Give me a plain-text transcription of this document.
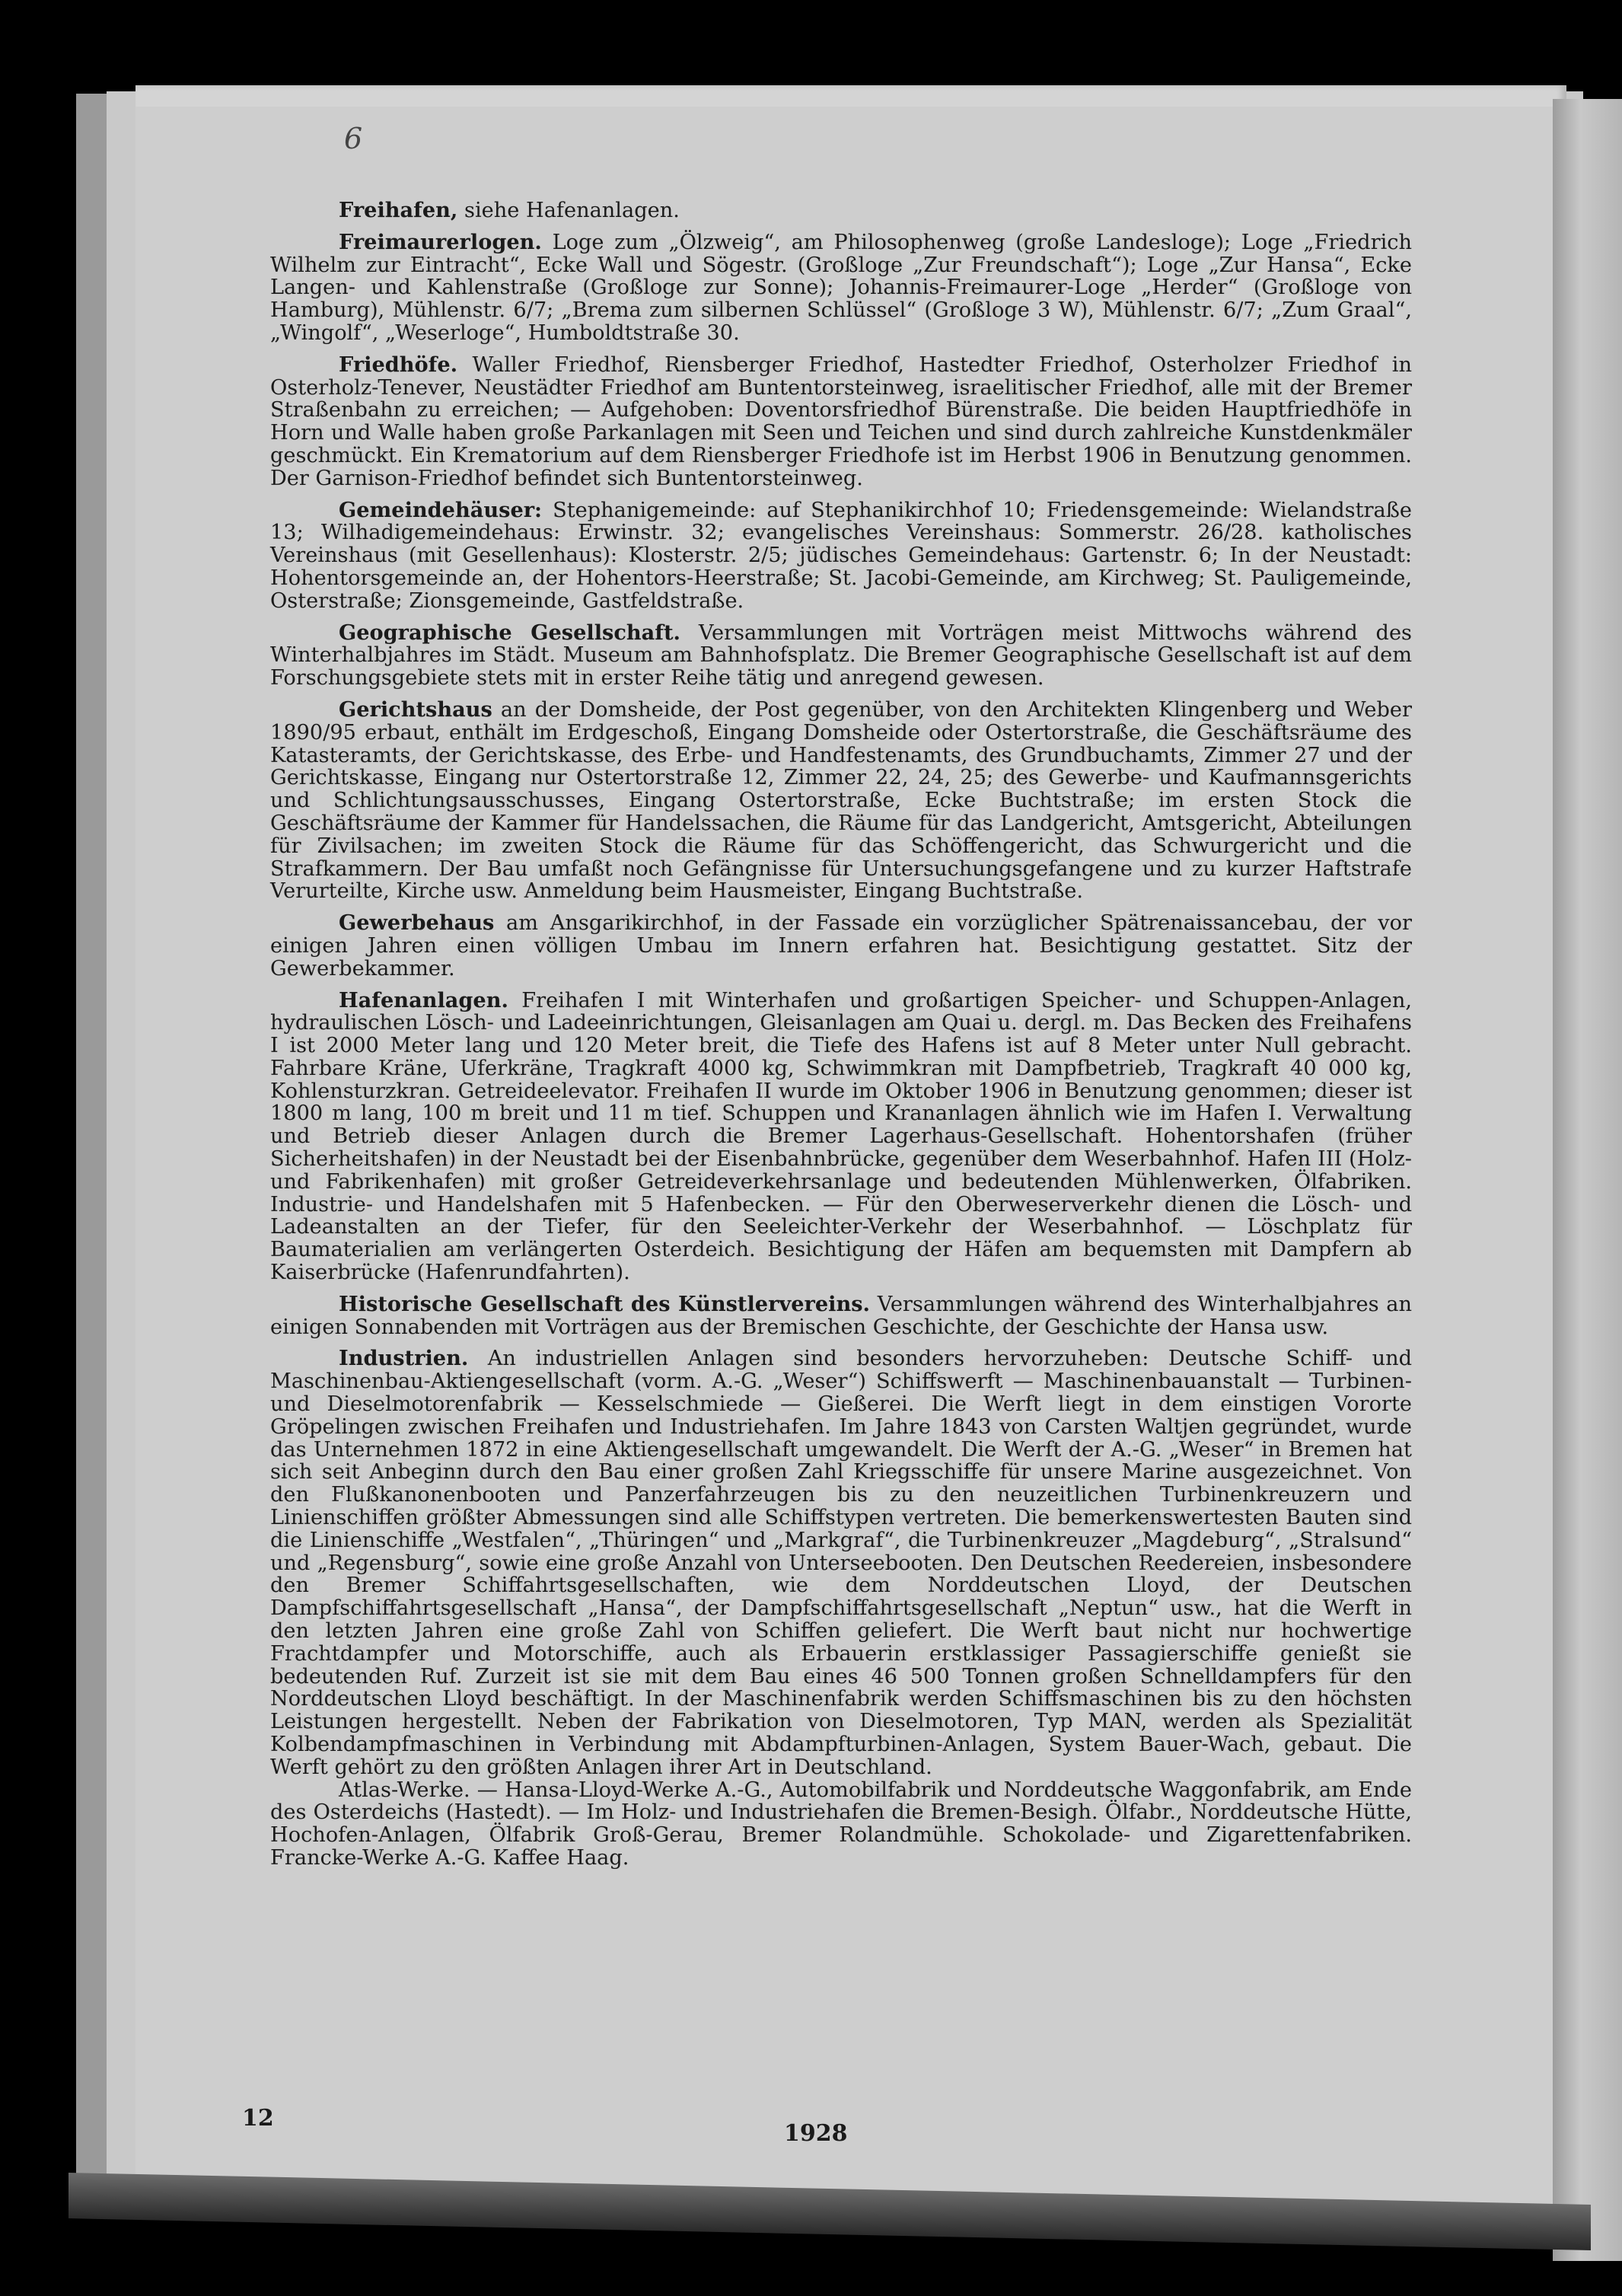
6

Freihafen, siehe Hafenanlagen.

Freimaurerlogen. Loge zum „Ölzweig“, am Philosophenweg (große Landesloge); Loge „Friedrich Wilhelm zur Eintracht“, Ecke Wall und Sögestr. (Großloge „Zur Freundschaft“); Loge „Zur Hansa“, Ecke Langen- und Kahlenstraße (Großloge zur Sonne); Johannis-Freimaurer-Loge „Herder“ (Großloge von Hamburg), Mühlenstr. 6/7; „Brema zum silbernen Schlüssel“ (Großloge 3 W), Mühlenstr. 6/7; „Zum Graal“, „Wingolf“, „Weserloge“, Humboldtstraße 30.

Friedhöfe. Waller Friedhof, Riensberger Friedhof, Hastedter Friedhof, Osterholzer Friedhof in Osterholz-Tenever, Neustädter Friedhof am Buntentorsteinweg, israelitischer Friedhof, alle mit der Bremer Straßenbahn zu erreichen; — Aufgehoben: Doventorsfriedhof Bürenstraße. Die beiden Hauptfriedhöfe in Horn und Walle haben große Parkanlagen mit Seen und Teichen und sind durch zahlreiche Kunstdenkmäler geschmückt. Ein Krematorium auf dem Riensberger Friedhofe ist im Herbst 1906 in Benutzung genommen. Der Garnison-Friedhof befindet sich Buntentorsteinweg.

Gemeindehäuser: Stephanigemeinde: auf Stephanikirchhof 10; Friedensgemeinde: Wielandstraße 13; Wilhadigemeindehaus: Erwinstr. 32; evangelisches Vereinshaus: Sommerstr. 26/28. katholisches Vereinshaus (mit Gesellenhaus): Klosterstr. 2/5; jüdisches Gemeindehaus: Gartenstr. 6; In der Neustadt: Hohentorsgemeinde an, der Hohentors-Heerstraße; St. Jacobi-Gemeinde, am Kirchweg; St. Pauligemeinde, Osterstraße; Zionsgemeinde, Gastfeldstraße.

Geographische Gesellschaft. Versammlungen mit Vorträgen meist Mittwochs während des Winterhalbjahres im Städt. Museum am Bahnhofsplatz. Die Bremer Geographische Gesellschaft ist auf dem Forschungsgebiete stets mit in erster Reihe tätig und anregend gewesen.

Gerichtshaus an der Domsheide, der Post gegenüber, von den Architekten Klingenberg und Weber 1890/95 erbaut, enthält im Erdgeschoß, Eingang Domsheide oder Ostertorstraße, die Geschäftsräume des Katasteramts, der Gerichtskasse, des Erbe- und Handfestenamts, des Grundbuchamts, Zimmer 27 und der Gerichtskasse, Eingang nur Ostertorstraße 12, Zimmer 22, 24, 25; des Gewerbe- und Kaufmannsgerichts und Schlichtungsausschusses, Eingang Ostertorstraße, Ecke Buchtstraße; im ersten Stock die Geschäftsräume der Kammer für Handelssachen, die Räume für das Landgericht, Amtsgericht, Abteilungen für Zivilsachen; im zweiten Stock die Räume für das Schöffengericht, das Schwurgericht und die Strafkammern. Der Bau umfaßt noch Gefängnisse für Untersuchungsgefangene und zu kurzer Haftstrafe Verurteilte, Kirche usw. Anmeldung beim Hausmeister, Eingang Buchtstraße.

Gewerbehaus am Ansgarikirchhof, in der Fassade ein vorzüglicher Spätrenaissancebau, der vor einigen Jahren einen völligen Umbau im Innern erfahren hat. Besichtigung gestattet. Sitz der Gewerbekammer.

Hafenanlagen. Freihafen I mit Winterhafen und großartigen Speicher- und Schuppen-Anlagen, hydraulischen Lösch- und Ladeeinrichtungen, Gleisanlagen am Quai u. dergl. m. Das Becken des Freihafens I ist 2000 Meter lang und 120 Meter breit, die Tiefe des Hafens ist auf 8 Meter unter Null gebracht. Fahrbare Kräne, Uferkräne, Tragkraft 4000 kg, Schwimmkran mit Dampfbetrieb, Tragkraft 40 000 kg, Kohlensturzkran. Getreideelevator. Freihafen II wurde im Oktober 1906 in Benutzung genommen; dieser ist 1800 m lang, 100 m breit und 11 m tief. Schuppen und Krananlagen ähnlich wie im Hafen I. Verwaltung und Betrieb dieser Anlagen durch die Bremer Lagerhaus-Gesellschaft. Hohentorshafen (früher Sicherheitshafen) in der Neustadt bei der Eisenbahnbrücke, gegenüber dem Weserbahnhof. Hafen III (Holz- und Fabrikenhafen) mit großer Getreideverkehrsanlage und bedeutenden Mühlenwerken, Ölfabriken. Industrie- und Handelshafen mit 5 Hafenbecken. — Für den Oberweserverkehr dienen die Lösch- und Ladeanstalten an der Tiefer, für den Seeleichter-Verkehr der Weserbahnhof. — Löschplatz für Baumaterialien am verlängerten Osterdeich. Besichtigung der Häfen am bequemsten mit Dampfern ab Kaiserbrücke (Hafenrundfahrten).

Historische Gesellschaft des Künstlervereins. Versammlungen während des Winterhalbjahres an einigen Sonnabenden mit Vorträgen aus der Bremischen Geschichte, der Geschichte der Hansa usw.

Industrien. An industriellen Anlagen sind besonders hervorzuheben: Deutsche Schiff- und Maschinenbau-Aktiengesellschaft (vorm. A.-G. „Weser“) Schiffswerft — Maschinenbauanstalt — Turbinen- und Dieselmotorenfabrik — Kesselschmiede — Gießerei. Die Werft liegt in dem einstigen Vororte Gröpelingen zwischen Freihafen und Industriehafen. Im Jahre 1843 von Carsten Waltjen gegründet, wurde das Unternehmen 1872 in eine Aktiengesellschaft umgewandelt. Die Werft der A.-G. „Weser“ in Bremen hat sich seit Anbeginn durch den Bau einer großen Zahl Kriegsschiffe für unsere Marine ausgezeichnet. Von den Flußkanonenbooten und Panzerfahrzeugen bis zu den neuzeitlichen Turbinenkreuzern und Linienschiffen größter Abmessungen sind alle Schiffstypen vertreten. Die bemerkenswertesten Bauten sind die Linienschiffe „Westfalen“, „Thüringen“ und „Markgraf“, die Turbinenkreuzer „Magdeburg“, „Stralsund“ und „Regensburg“, sowie eine große Anzahl von Unterseebooten. Den Deutschen Reedereien, insbesondere den Bremer Schiffahrtsgesellschaften, wie dem Norddeutschen Lloyd, der Deutschen Dampfschiffahrtsgesellschaft „Hansa“, der Dampfschiffahrtsgesellschaft „Neptun“ usw., hat die Werft in den letzten Jahren eine große Zahl von Schiffen geliefert. Die Werft baut nicht nur hochwertige Frachtdampfer und Motorschiffe, auch als Erbauerin erstklassiger Passagierschiffe genießt sie bedeutenden Ruf. Zurzeit ist sie mit dem Bau eines 46 500 Tonnen großen Schnelldampfers für den Norddeutschen Lloyd beschäftigt. In der Maschinenfabrik werden Schiffsmaschinen bis zu den höchsten Leistungen hergestellt. Neben der Fabrikation von Dieselmotoren, Typ MAN, werden als Spezialität Kolbendampfmaschinen in Verbindung mit Abdampfturbinen-Anlagen, System Bauer-Wach, gebaut. Die Werft gehört zu den größten Anlagen ihrer Art in Deutschland.

Atlas-Werke. — Hansa-Lloyd-Werke A.-G., Automobilfabrik und Norddeutsche Waggonfabrik, am Ende des Osterdeichs (Hastedt). — Im Holz- und Industriehafen die Bremen-Besigh. Ölfabr., Norddeutsche Hütte, Hochofen-Anlagen, Ölfabrik Groß-Gerau, Bremer Rolandmühle. Schokolade- und Zigarettenfabriken. Francke-Werke A.-G. Kaffee Haag.

12
1928
